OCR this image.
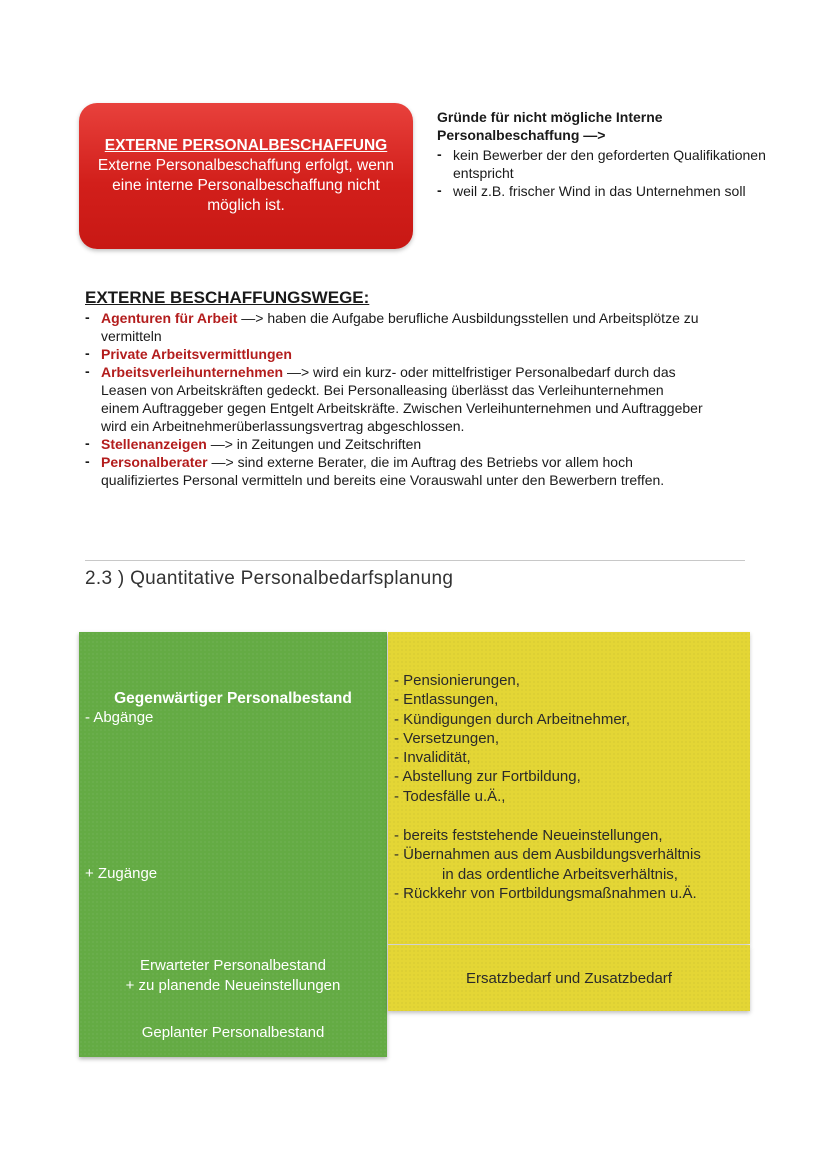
EXTERNE PERSONALBESCHAFFUNG
Externe Personalbeschaffung erfolgt, wenn eine interne Personalbeschaffung nicht möglich ist.
Gründe für nicht mögliche Interne Personalbeschaffung —>
- kein Bewerber der den geforderten Qualifikationen entspricht
- weil z.B. frischer Wind in das Unternehmen soll
EXTERNE BESCHAFFUNGSWEGE:
- Agenturen für Arbeit —> haben die Aufgabe berufliche Ausbildungsstellen und Arbeitsplötze zu vermitteln
- Private Arbeitsvermittlungen
- Arbeitsverleihunternehmen —> wird ein kurz- oder mittelfristiger Personalbedarf durch das Leasen von Arbeitskräften gedeckt. Bei Personalleasing überlässt das Verleihunternehmen einem Auftraggeber gegen Entgelt Arbeitskräfte. Zwischen Verleihunternehmen und Auftraggeber wird ein Arbeitnehmerüberlassungsvertrag abgeschlossen.
- Stellenanzeigen —> in Zeitungen und Zeitschriften
- Personalberater —> sind externe Berater, die im Auftrag des Betriebs vor allem hoch qualifiziertes Personal vermitteln und bereits eine Vorauswahl unter den Bewerbern treffen.
2.3 ) Quantitative Personalbedarfsplanung
Gegenwärtiger Personalbestand
- Abgänge
+ Zugänge
Erwarteter Personalbestand
+ zu planende Neueinstellungen
Geplanter Personalbestand
- Pensionierungen,
- Entlassungen,
- Kündigungen durch Arbeitnehmer,
- Versetzungen,
- Invalidität,
- Abstellung zur Fortbildung,
- Todesfälle u.Ä.,
- bereits feststehende Neueinstellungen,
- Übernahmen aus dem Ausbildungsverhältnis
in das ordentliche Arbeitsverhältnis,
- Rückkehr von Fortbildungsmaßnahmen u.Ä.
Ersatzbedarf und Zusatzbedarf
